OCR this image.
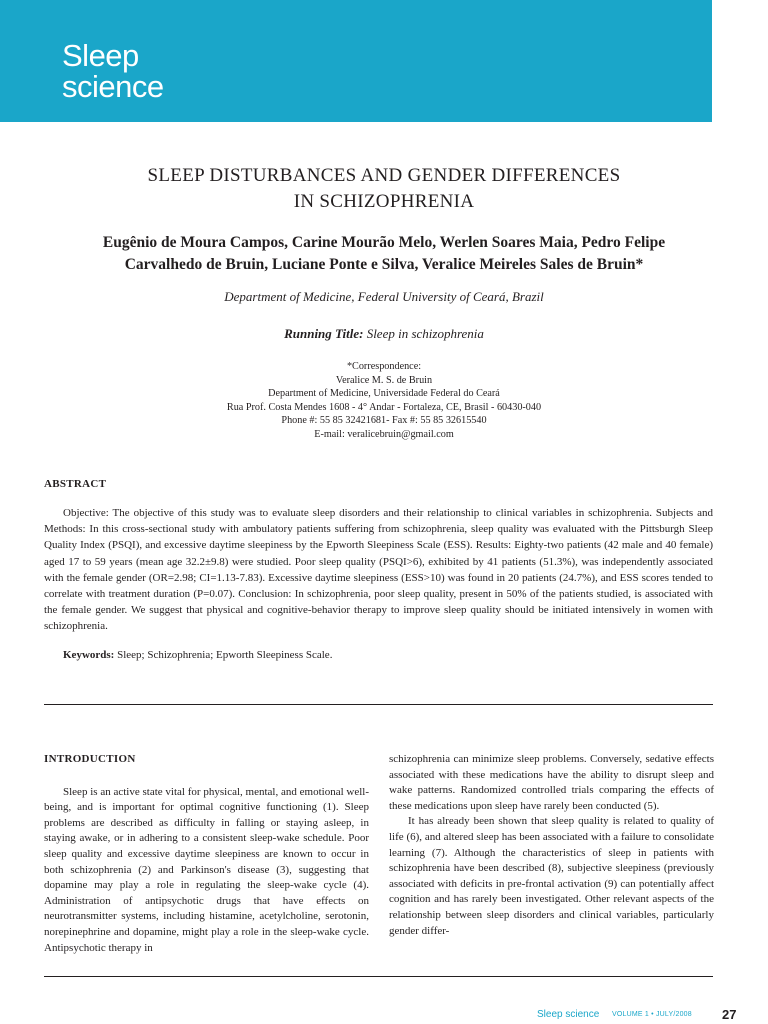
Sleep
science
SLEEP DISTURBANCES AND GENDER DIFFERENCES
IN SCHIZOPHRENIA
Eugênio de Moura Campos, Carine Mourão Melo, Werlen Soares Maia, Pedro Felipe
Carvalhedo de Bruin, Luciane Ponte e Silva, Veralice Meireles Sales de Bruin*
Department of Medicine, Federal University of Ceará, Brazil
Running Title: Sleep in schizophrenia
*Correspondence:
Veralice M. S. de Bruin
Department of Medicine, Universidade Federal do Ceará
Rua Prof. Costa Mendes 1608 - 4° Andar - Fortaleza, CE, Brasil - 60430-040
Phone #: 55 85 32421681- Fax #: 55 85 32615540
E-mail: veralicebruin@gmail.com
ABSTRACT

Objective: The objective of this study was to evaluate sleep disorders and their relationship to clinical variables in schizophrenia. Subjects and Methods: In this cross-sectional study with ambulatory patients suffering from schizophrenia, sleep quality was evaluated with the Pittsburgh Sleep Quality Index (PSQI), and excessive daytime sleepiness by the Epworth Sleepiness Scale (ESS). Results: Eighty-two patients (42 male and 40 female) aged 17 to 59 years (mean age 32.2±9.8) were studied. Poor sleep quality (PSQI>6), exhibited by 41 patients (51.3%), was independently associated with the female gender (OR=2.98; CI=1.13-7.83). Excessive daytime sleepiness (ESS>10) was found in 20 patients (24.7%), and ESS scores tended to correlate with treatment duration (P=0.07). Conclusion: In schizophrenia, poor sleep quality, present in 50% of the patients studied, is associated with the female gender. We suggest that physical and cognitive-behavior therapy to improve sleep quality should be initiated intensively in women with schizophrenia.

Keywords: Sleep; Schizophrenia; Epworth Sleepiness Scale.

INTRODUCTION

Sleep is an active state vital for physical, mental, and emotional well-being, and is important for optimal cognitive functioning (1). Sleep problems are described as difficulty in falling or staying asleep, in staying awake, or in adhering to a consistent sleep-wake schedule. Poor sleep quality and excessive daytime sleepiness are known to occur in both schizophrenia (2) and Parkinson's disease (3), suggesting that dopamine may play a role in regulating the sleep-wake cycle (4). Administration of antipsychotic drugs that have effects on neurotransmitter systems, including histamine, acetylcholine, serotonin, norepinephrine and dopamine, might play a role in the sleep-wake cycle. Antipsychotic therapy in

schizophrenia can minimize sleep problems. Conversely, sedative effects associated with these medications have the ability to disrupt sleep and wake patterns. Randomized controlled trials comparing the effects of these medications upon sleep have rarely been conducted (5).

It has already been shown that sleep quality is related to quality of life (6), and altered sleep has been associated with a failure to consolidate learning (7). Although the characteristics of sleep in patients with schizophrenia have been described (8), subjective sleepiness (previously associated with deficits in pre-frontal activation (9) can potentially affect cognition and has rarely been investigated. Other relevant aspects of the relationship between sleep disorders and clinical variables, particularly gender differ-

Sleep science VOLUME 1 • JULY/2008 27
